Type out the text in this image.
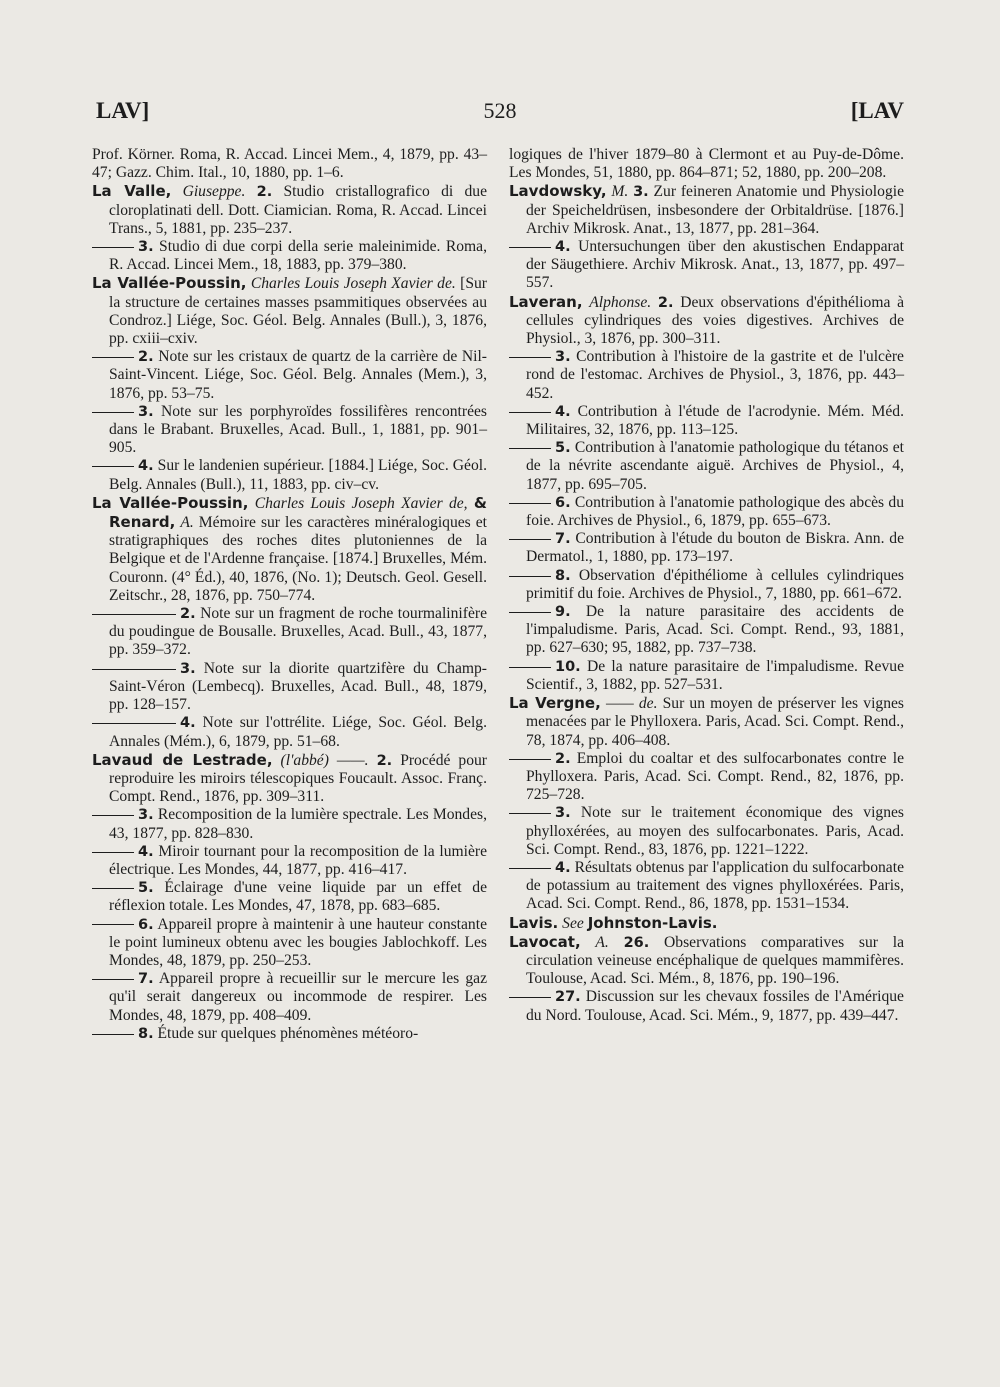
LAV]	528	[LAV

Prof. Körner. Roma, R. Accad. Lincei Mem., 4, 1879, pp. 43–47; Gazz. Chim. Ital., 10, 1880, pp. 1–6.

La Valle, Giuseppe. 2. Studio cristallografico di due cloroplatinati dell. Dott. Ciamician. Roma, R. Accad. Lincei Trans., 5, 1881, pp. 235–237.

3. Studio di due corpi della serie maleinimide. Roma, R. Accad. Lincei Mem., 18, 1883, pp. 379–380.

La Vallée-Poussin, Charles Louis Joseph Xavier de. [Sur la structure de certaines masses psammitiques observées au Condroz.] Liége, Soc. Géol. Belg. Annales (Bull.), 3, 1876, pp. cxiii–cxiv.

2. Note sur les cristaux de quartz de la carrière de Nil-Saint-Vincent. Liége, Soc. Géol. Belg. Annales (Mem.), 3, 1876, pp. 53–75.

3. Note sur les porphyroïdes fossilifères rencontrées dans le Brabant. Bruxelles, Acad. Bull., 1, 1881, pp. 901–905.

4. Sur le landenien supérieur. [1884.] Liége, Soc. Géol. Belg. Annales (Bull.), 11, 1883, pp. civ–cv.

La Vallée-Poussin, Charles Louis Joseph Xavier de, & Renard, A. Mémoire sur les caractères minéralogiques et stratigraphiques des roches dites plutoniennes de la Belgique et de l'Ardenne française. [1874.] Bruxelles, Mém. Couronn. (4° Éd.), 40, 1876, (No. 1); Deutsch. Geol. Gesell. Zeitschr., 28, 1876, pp. 750–774.

2. Note sur un fragment de roche tourmalinifère du poudingue de Bousalle. Bruxelles, Acad. Bull., 43, 1877, pp. 359–372.

3. Note sur la diorite quartzifère du Champ-Saint-Véron (Lembecq). Bruxelles, Acad. Bull., 48, 1879, pp. 128–157.

4. Note sur l'ottrélite. Liége, Soc. Géol. Belg. Annales (Mém.), 6, 1879, pp. 51–68.

Lavaud de Lestrade, (l'abbé) ——. 2. Procédé pour reproduire les miroirs télescopiques Foucault. Assoc. Franç. Compt. Rend., 1876, pp. 309–311.

3. Recomposition de la lumière spectrale. Les Mondes, 43, 1877, pp. 828–830.

4. Miroir tournant pour la recomposition de la lumière électrique. Les Mondes, 44, 1877, pp. 416–417.

5. Éclairage d'une veine liquide par un effet de réflexion totale. Les Mondes, 47, 1878, pp. 683–685.

6. Appareil propre à maintenir à une hauteur constante le point lumineux obtenu avec les bougies Jablochkoff. Les Mondes, 48, 1879, pp. 250–253.

7. Appareil propre à recueillir sur le mercure les gaz qu'il serait dangereux ou incommode de respirer. Les Mondes, 48, 1879, pp. 408–409.

8. Étude sur quelques phénomènes météoro-

logiques de l'hiver 1879–80 à Clermont et au Puy-de-Dôme. Les Mondes, 51, 1880, pp. 864–871; 52, 1880, pp. 200–208.

Lavdowsky, M. 3. Zur feineren Anatomie und Physiologie der Speicheldrüsen, insbesondere der Orbitaldrüse. [1876.] Archiv Mikrosk. Anat., 13, 1877, pp. 281–364.

4. Untersuchungen über den akustischen Endapparat der Säugethiere. Archiv Mikrosk. Anat., 13, 1877, pp. 497–557.

Laveran, Alphonse. 2. Deux observations d'épithélioma à cellules cylindriques des voies digestives. Archives de Physiol., 3, 1876, pp. 300–311.

3. Contribution à l'histoire de la gastrite et de l'ulcère rond de l'estomac. Archives de Physiol., 3, 1876, pp. 443–452.

4. Contribution à l'étude de l'acrodynie. Mém. Méd. Militaires, 32, 1876, pp. 113–125.

5. Contribution à l'anatomie pathologique du tétanos et de la névrite ascendante aiguë. Archives de Physiol., 4, 1877, pp. 695–705.

6. Contribution à l'anatomie pathologique des abcès du foie. Archives de Physiol., 6, 1879, pp. 655–673.

7. Contribution à l'étude du bouton de Biskra. Ann. de Dermatol., 1, 1880, pp. 173–197.

8. Observation d'épithéliome à cellules cylindriques primitif du foie. Archives de Physiol., 7, 1880, pp. 661–672.

9. De la nature parasitaire des accidents de l'impaludisme. Paris, Acad. Sci. Compt. Rend., 93, 1881, pp. 627–630; 95, 1882, pp. 737–738.

10. De la nature parasitaire de l'impaludisme. Revue Scientif., 3, 1882, pp. 527–531.

La Vergne, —— de. Sur un moyen de préserver les vignes menacées par le Phylloxera. Paris, Acad. Sci. Compt. Rend., 78, 1874, pp. 406–408.

2. Emploi du coaltar et des sulfocarbonates contre le Phylloxera. Paris, Acad. Sci. Compt. Rend., 82, 1876, pp. 725–728.

3. Note sur le traitement économique des vignes phylloxérées, au moyen des sulfocarbonates. Paris, Acad. Sci. Compt. Rend., 83, 1876, pp. 1221–1222.

4. Résultats obtenus par l'application du sulfocarbonate de potassium au traitement des vignes phylloxérées. Paris, Acad. Sci. Compt. Rend., 86, 1878, pp. 1531–1534.

Lavis. See Johnston-Lavis.

Lavocat, A. 26. Observations comparatives sur la circulation veineuse encéphalique de quelques mammifères. Toulouse, Acad. Sci. Mém., 8, 1876, pp. 190–196.

27. Discussion sur les chevaux fossiles de l'Amérique du Nord. Toulouse, Acad. Sci. Mém., 9, 1877, pp. 439–447.
